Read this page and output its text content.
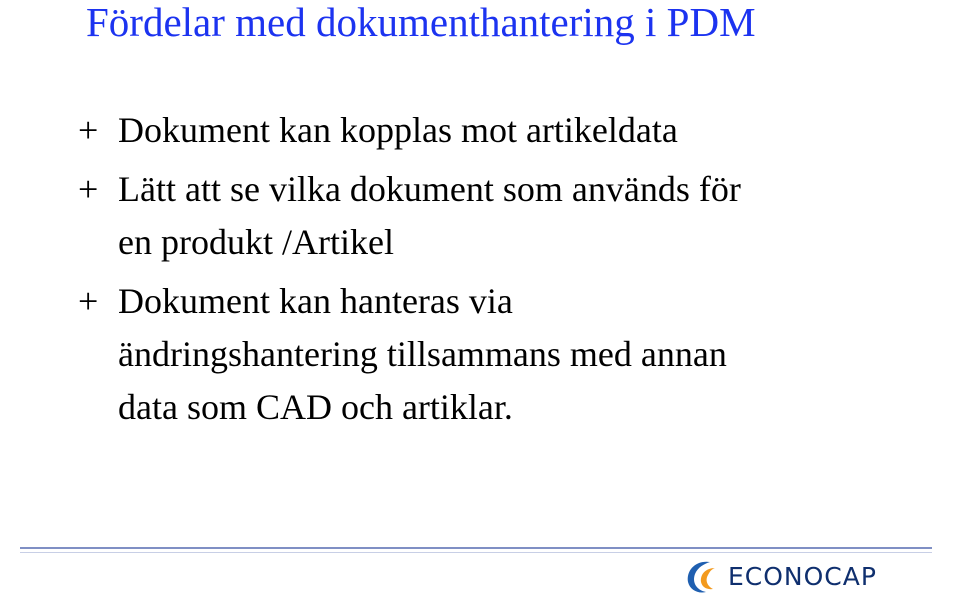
Fördelar med dokumenthantering i PDM
+ Dokument kan kopplas mot artikeldata
+ Lätt att se vilka dokument som används för
en produkt /Artikel
+ Dokument kan hanteras via
ändringshantering tillsammans med annan
data som CAD och artiklar.
ECONOCAP
